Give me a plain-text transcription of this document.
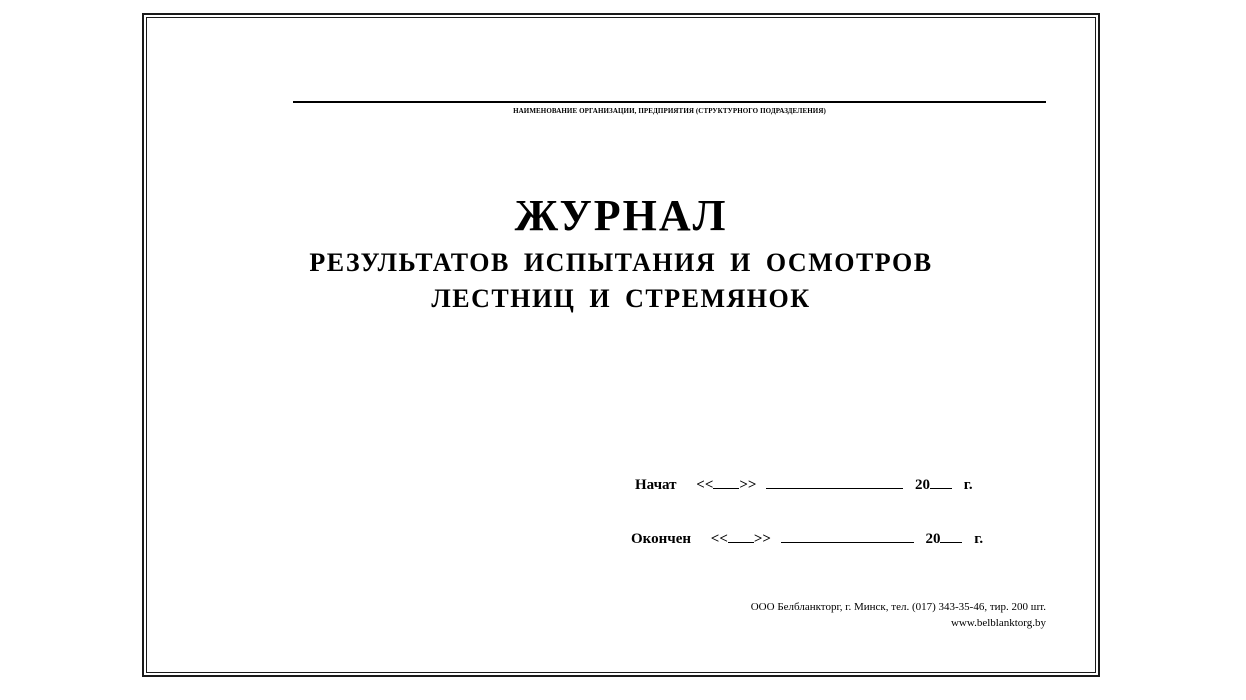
НАИМЕНОВАНИЕ ОРГАНИЗАЦИИ, ПРЕДПРИЯТИЯ (СТРУКТУРНОГО ПОДРАЗДЕЛЕНИЯ)
ЖУРНАЛ
РЕЗУЛЬТАТОВ ИСПЫТАНИЯ И ОСМОТРОВ
ЛЕСТНИЦ И СТРЕМЯНОК
Начат << >>	20 г.
Окончен << >>	20 г.
ООО Белбланкторг, г. Минск, тел. (017) 343-35-46, тир. 200 шт.
www.belblanktorg.by
